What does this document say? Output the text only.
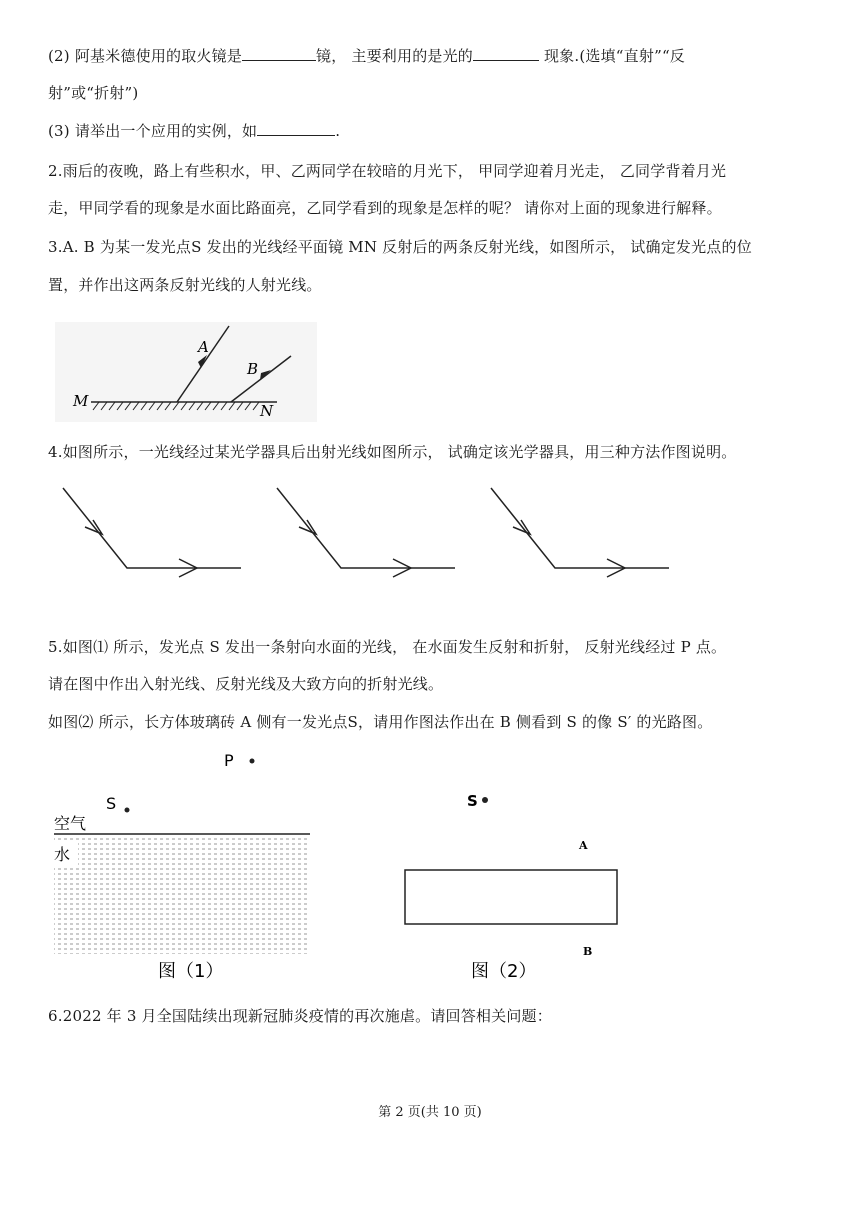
(2) 阿基米德使用的取火镜是	镜， 主要利用的是光的	现象.(选填“直射”“反
射”或“折射”)
(3) 请举出一个应用的实例，如	.
2.雨后的夜晚，路上有些积水，甲、乙两同学在较暗的月光下， 甲同学迎着月光走， 乙同学背着月光
走，甲同学看的现象是水面比路面亮，乙同学看到的现象是怎样的呢？ 请你对上面的现象进行解释。
3.A. B 为某一发光点S 发出的光线经平面镜 MN 反射后的两条反射光线，如图所示， 试确定发光点的位
置，并作出这两条反射光线的人射光线。
A
B
M
N
4.如图所示，一光线经过某光学器具后出射光线如图所示， 试确定该光学器具，用三种方法作图说明。
5.如图⑴ 所示，发光点 S 发出一条射向水面的光线， 在水面发生反射和折射， 反射光线经过 P 点。
请在图中作出入射光线、反射光线及大致方向的折射光线。
如图⑵ 所示，长方体玻璃砖 A 侧有一发光点S，请用作图法作出在 B 侧看到 S 的像 S′ 的光路图。
P
S
空气
水
图（1）
S
A
B
图（2）
6.2022 年 3 月全国陆续出现新冠肺炎疫情的再次施虐。请回答相关问题：
第 2 页(共 10 页)
